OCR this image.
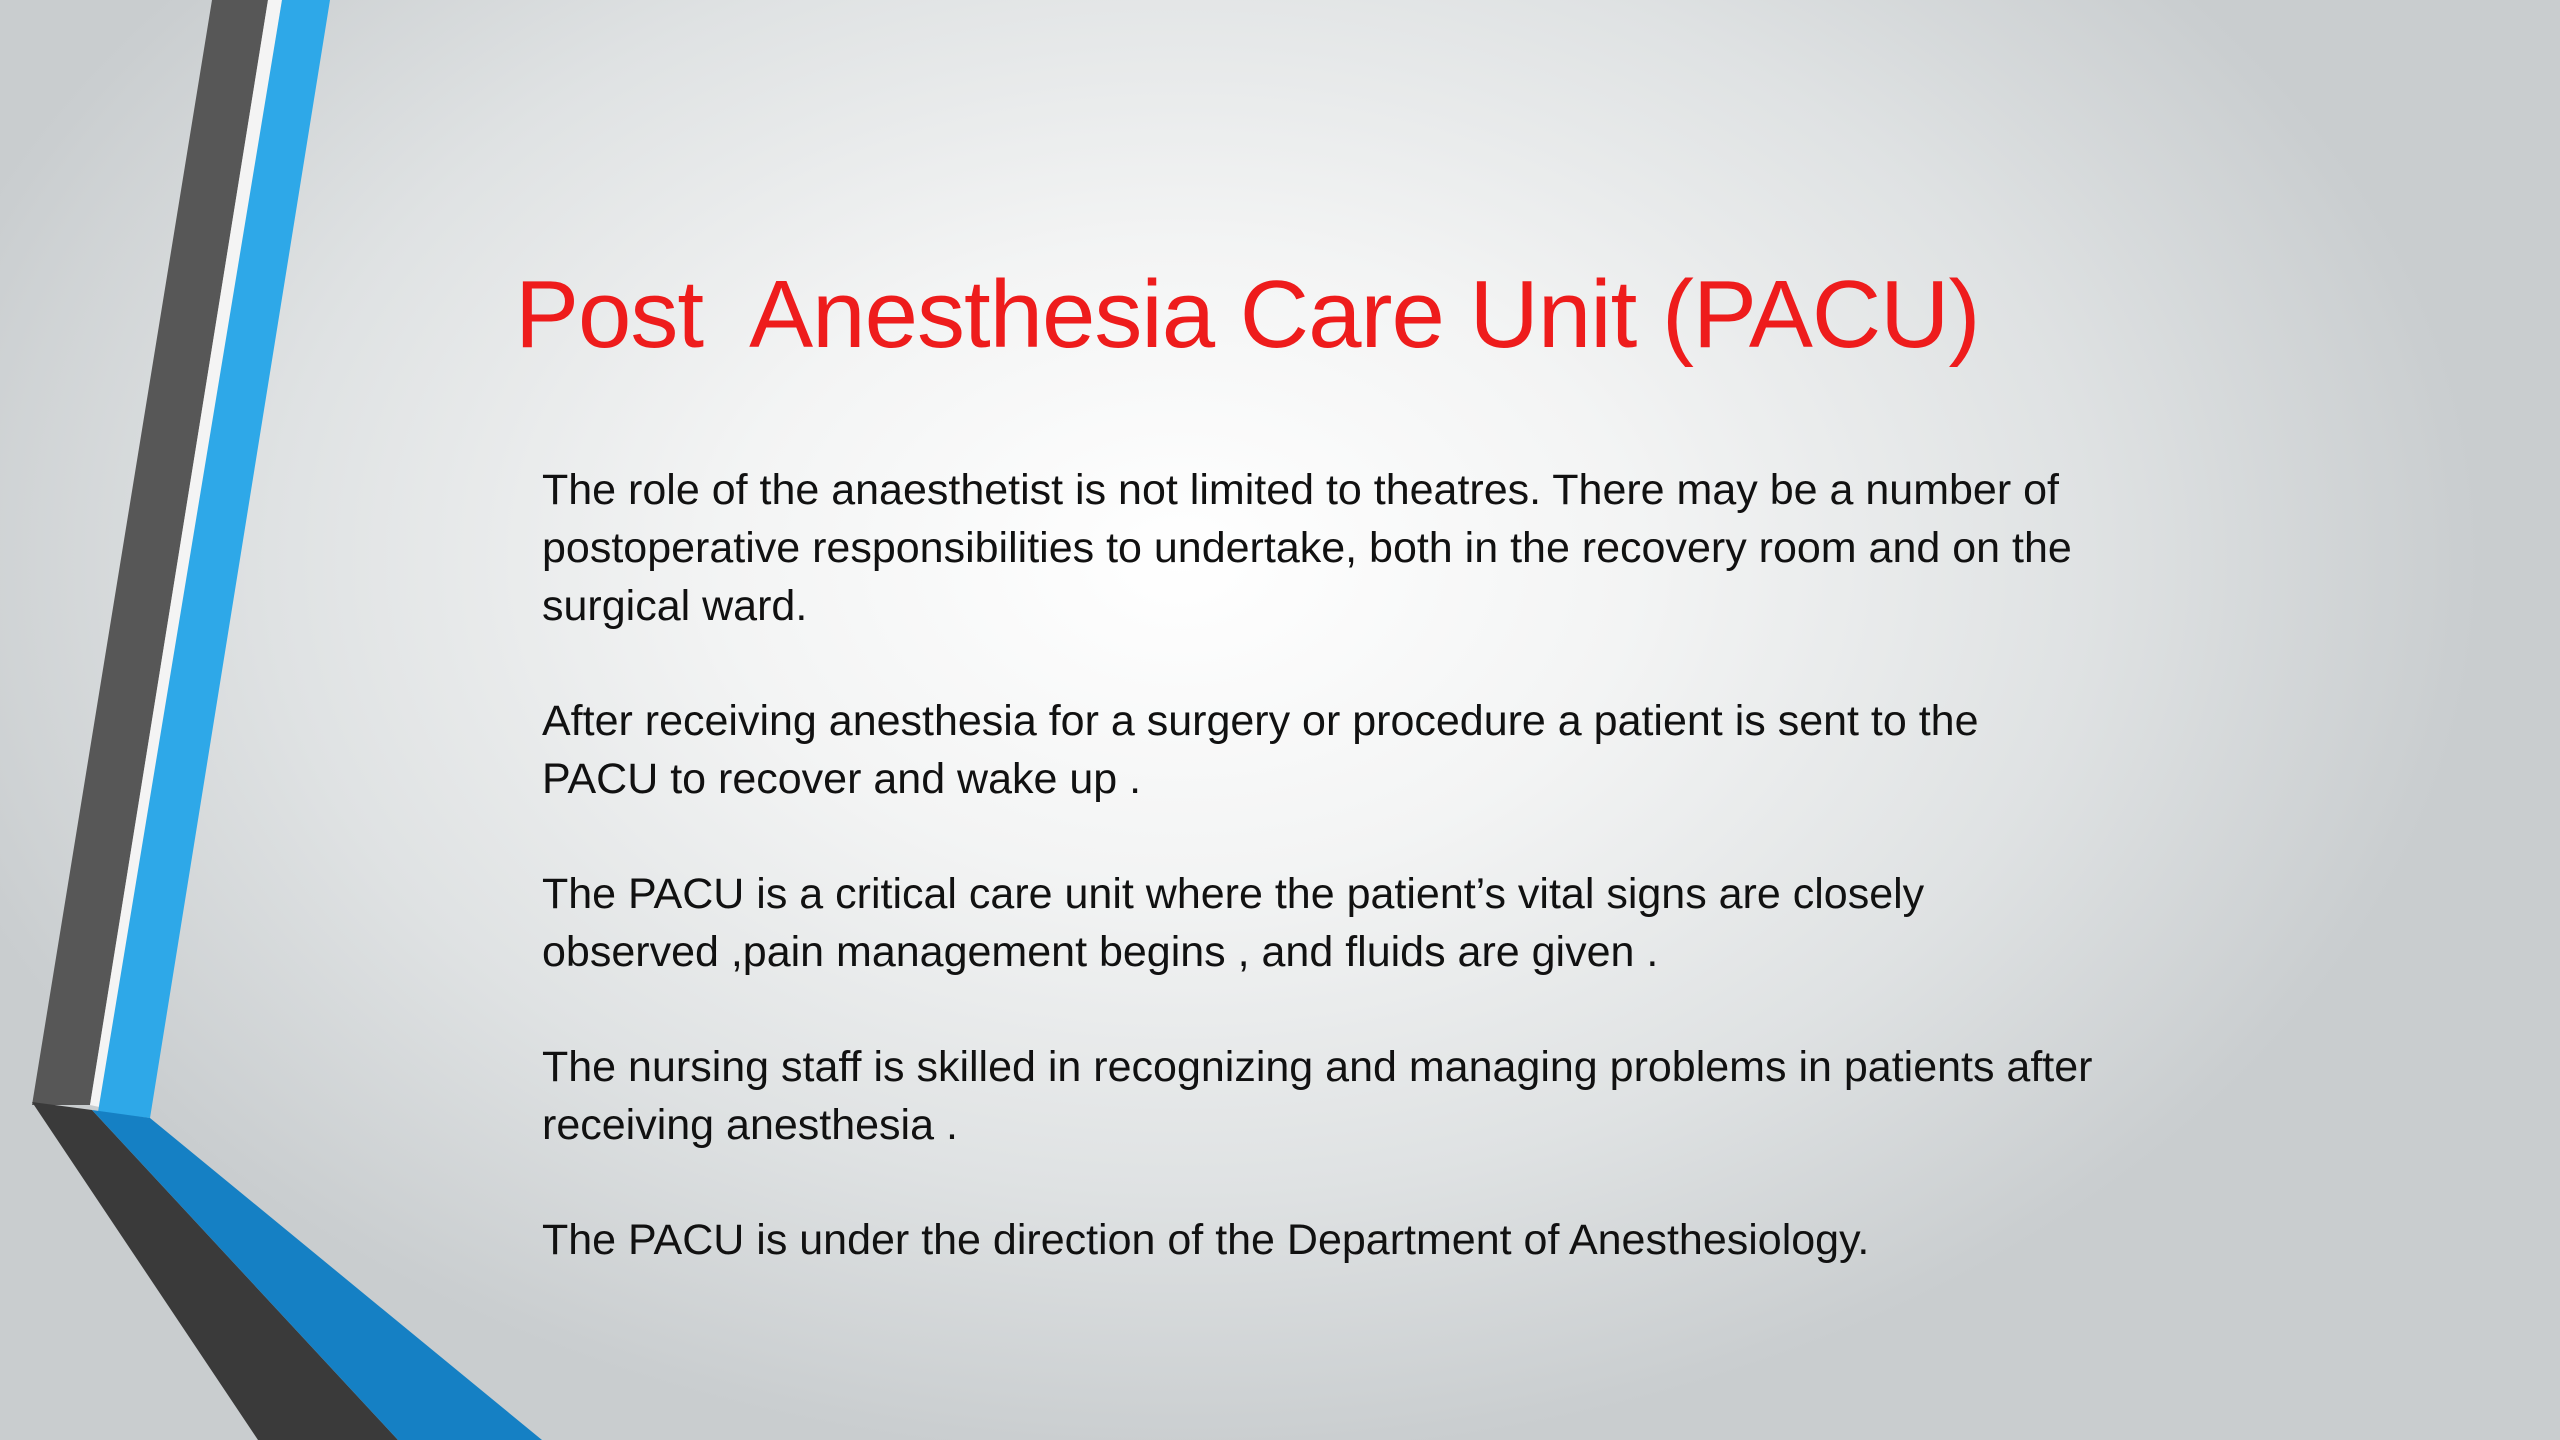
Post  Anesthesia Care Unit (PACU)

The role of the anaesthetist is not limited to theatres. There may be a number of postoperative responsibilities to undertake, both in the recovery room and on the surgical ward.

After receiving anesthesia for a surgery or procedure a patient is sent to the PACU to recover and wake up .

The PACU is a critical care unit where the patient’s vital signs are closely observed ,pain management begins , and fluids are given .

The nursing staff is skilled in recognizing and managing problems in patients after receiving anesthesia .

The PACU is under the direction of the Department of Anesthesiology.
